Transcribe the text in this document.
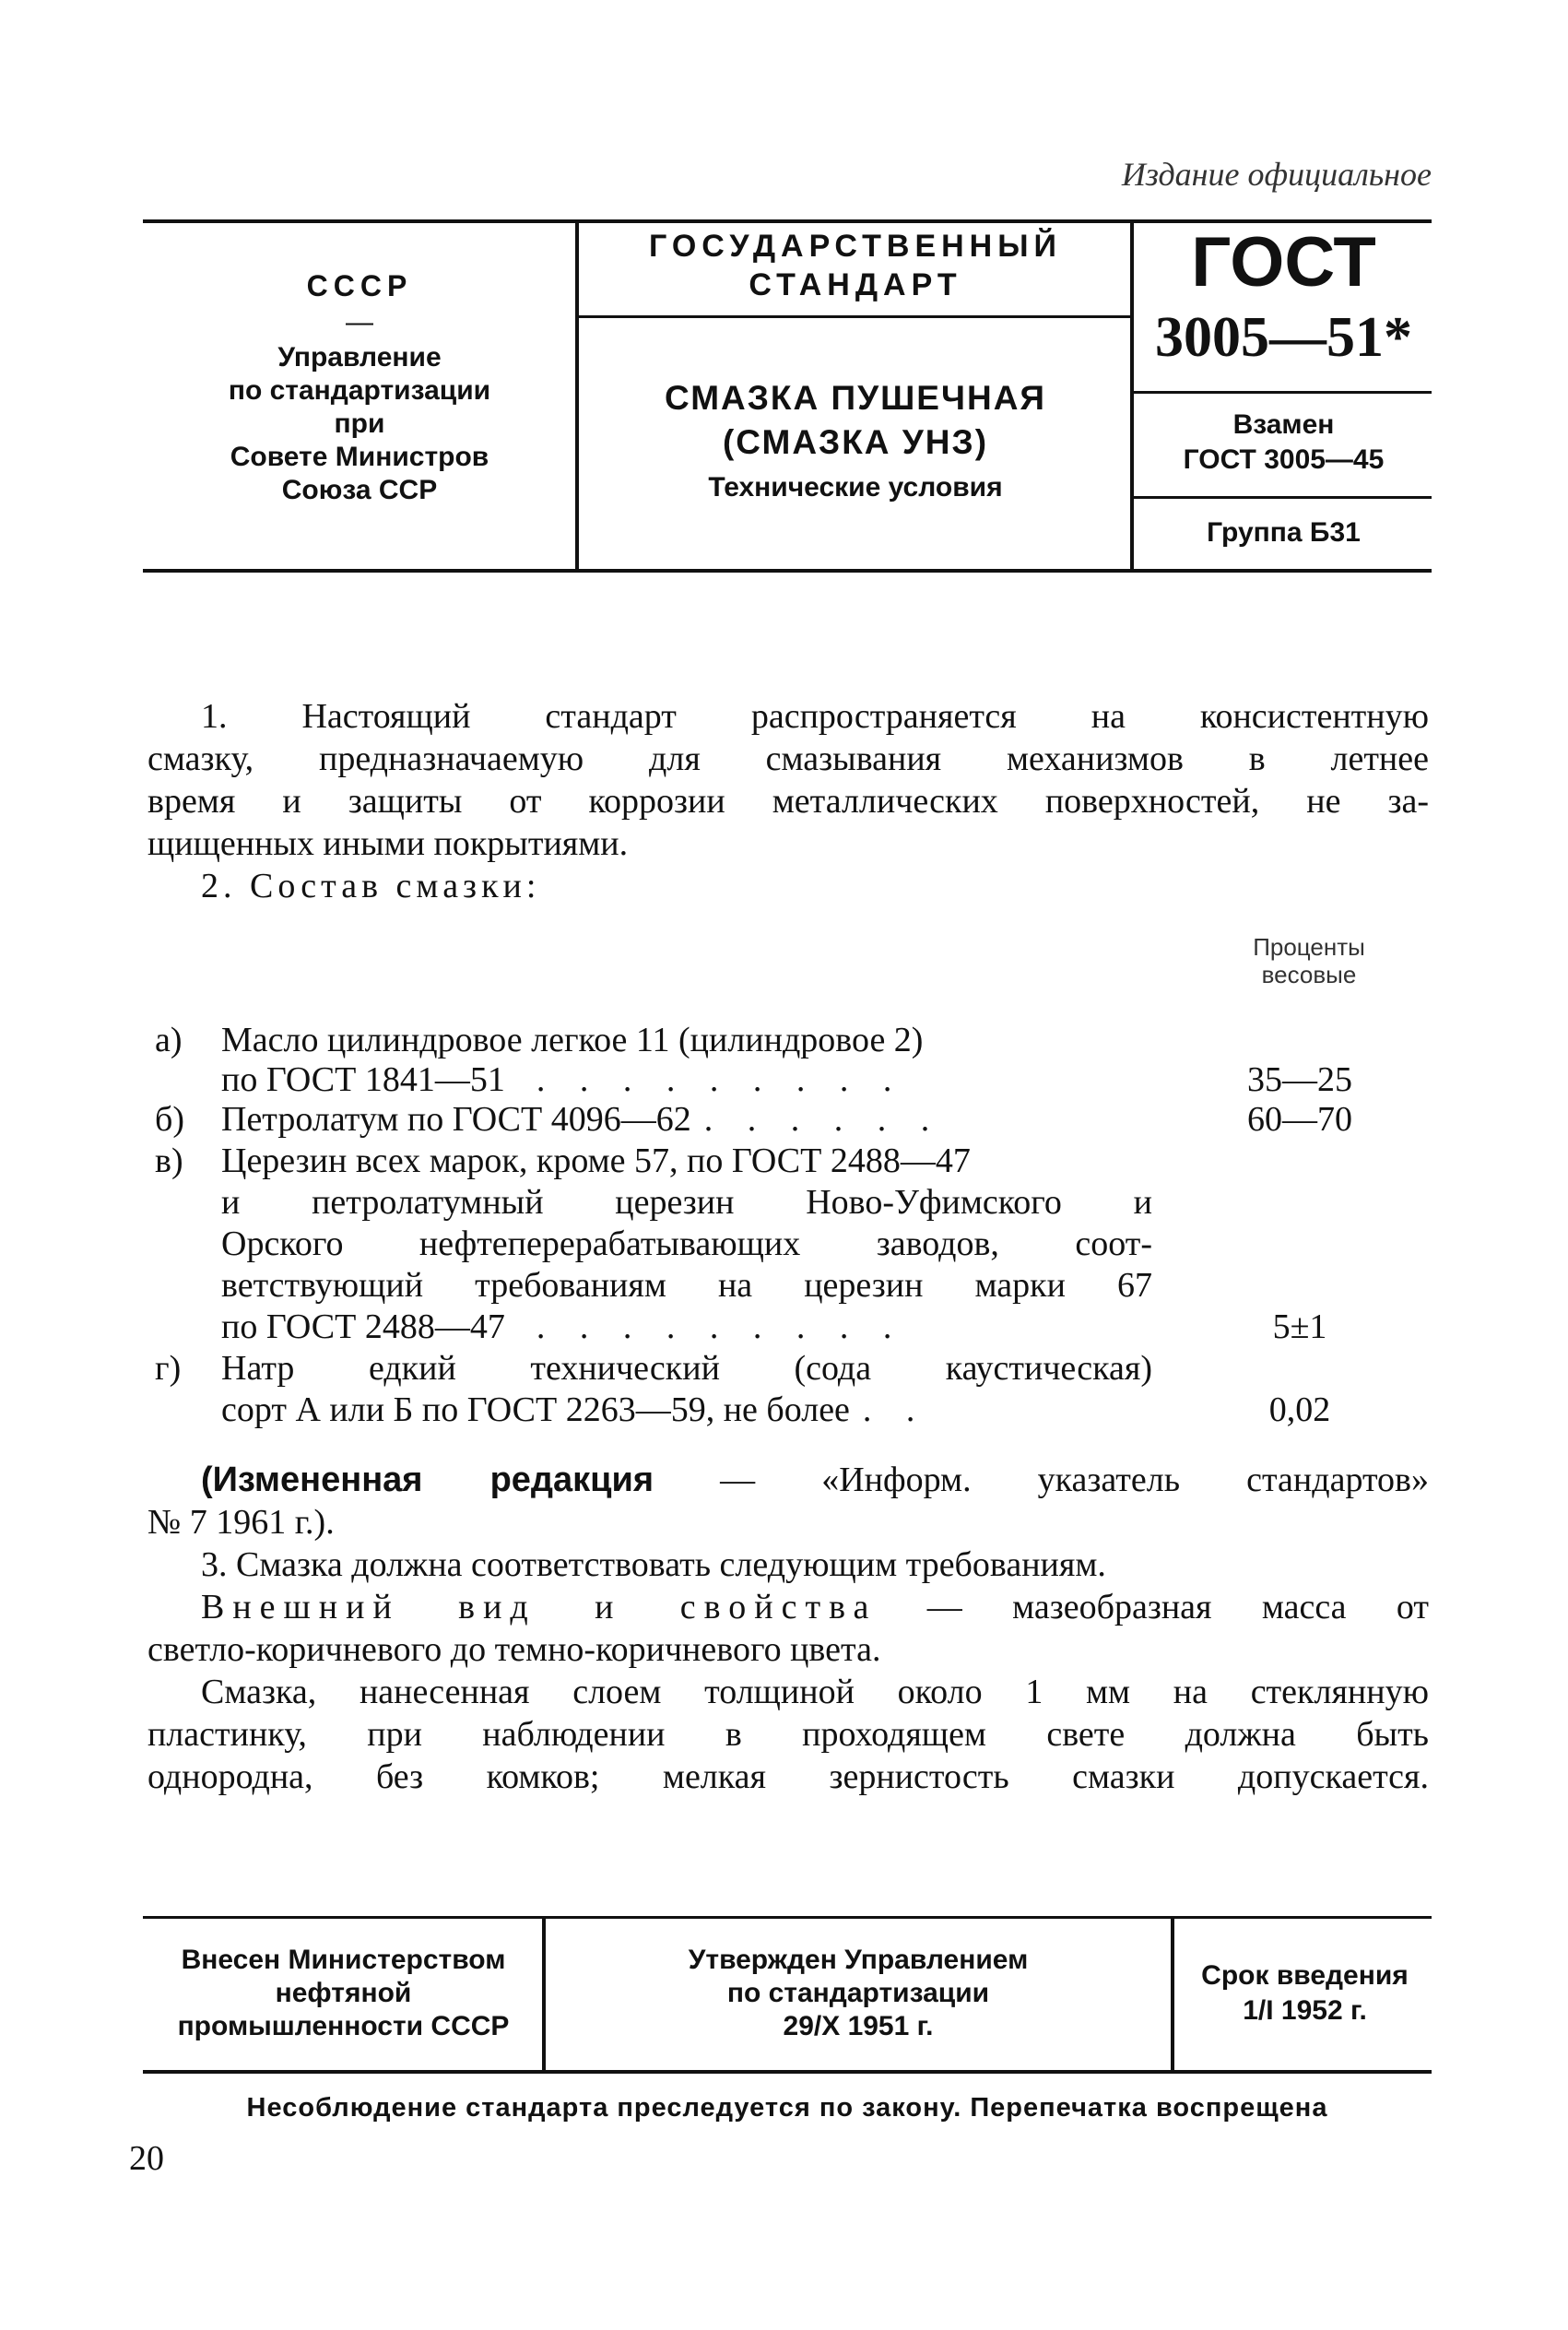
Издание официальное
СССР
—
Управление
по стандартизации
при
Совете Министров
Союза ССР
ГОСУДАРСТВЕННЫЙ
СТАНДАРТ
СМАЗКА ПУШЕЧНАЯ
(СМАЗКА УНЗ)
Технические условия
ГОСТ
3005—51*
Взамен
ГОСТ 3005—45
Группа Б31
1. Настоящий стандарт распространяется на консистентную
смазку, предназначаемую для смазывания механизмов в летнее
время и защиты от коррозии металлических поверхностей, не за-
щищенных иными покрытиями.
2. Состав смазки:
Проценты
весовые
а) Масло цилиндровое легкое 11 (цилиндровое 2)
по ГОСТ 1841—51 . . . . . . . . .	35—25
б) Петролатум по ГОСТ 4096—62 . . . . . .	60—70
в) Церезин всех марок, кроме 57, по ГОСТ 2488—47
и петролатумный церезин Ново-Уфимского и
Орского нефтеперерабатывающих заводов, соот-
ветствующий требованиям на церезин марки 67
по ГОСТ 2488—47 . . . . . . . . .	5±1
г) Натр едкий технический (сода каустическая)
сорт А или Б по ГОСТ 2263—59, не более . .	0,02
(Измененная редакция — «Информ. указатель стандартов»
№ 7 1961 г.).
3. Смазка должна соответствовать следующим требованиям.
Внешний вид и свойства — мазеобразная масса от
светло-коричневого до темно-коричневого цвета.
Смазка, нанесенная слоем толщиной около 1 мм на стеклянную
пластинку, при наблюдении в проходящем свете должна быть
однородна, без комков; мелкая зернистость смазки допускается.
Внесен Министерством
нефтяной
промышленности СССР
Утвержден Управлением
по стандартизации
29/X 1951 г.
Срок введения
1/I 1952 г.
Несоблюдение стандарта преследуется по закону. Перепечатка воспрещена
20
